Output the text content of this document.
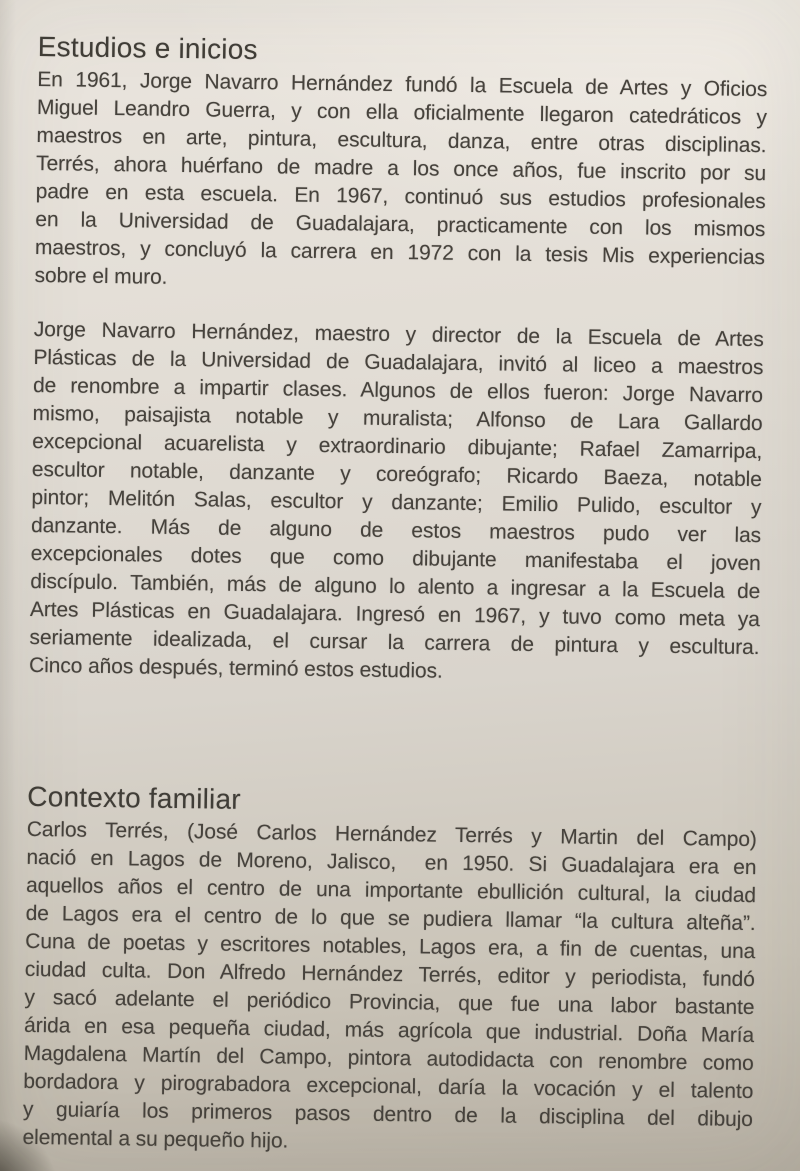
Estudios e inicios
En 1961, Jorge Navarro Hernández fundó la Escuela de Artes y Oficios
Miguel Leandro Guerra, y con ella oficialmente llegaron catedráticos y
maestros en arte, pintura, escultura, danza, entre otras disciplinas.
Terrés, ahora huérfano de madre a los once años, fue inscrito por su
padre en esta escuela. En 1967, continuó sus estudios profesionales
en la Universidad de Guadalajara, practicamente con los mismos
maestros, y concluyó la carrera en 1972 con la tesis Mis experiencias
sobre el muro.
Jorge Navarro Hernández, maestro y director de la Escuela de Artes
Plásticas de la Universidad de Guadalajara, invitó al liceo a maestros
de renombre a impartir clases. Algunos de ellos fueron: Jorge Navarro
mismo, paisajista notable y muralista; Alfonso de Lara Gallardo
excepcional acuarelista y extraordinario dibujante; Rafael Zamarripa,
escultor notable, danzante y coreógrafo; Ricardo Baeza, notable
pintor; Melitón Salas, escultor y danzante; Emilio Pulido, escultor y
danzante. Más de alguno de estos maestros pudo ver las
excepcionales dotes que como dibujante manifestaba el joven
discípulo. También, más de alguno lo alento a ingresar a la Escuela de
Artes Plásticas en Guadalajara. Ingresó en 1967, y tuvo como meta ya
seriamente idealizada, el cursar la carrera de pintura y escultura.
Cinco años después, terminó estos estudios.
Contexto familiar
Carlos Terrés, (José Carlos Hernández Terrés y Martin del Campo)
nació en Lagos de Moreno, Jalisco,  en 1950. Si Guadalajara era en
aquellos años el centro de una importante ebullición cultural, la ciudad
de Lagos era el centro de lo que se pudiera llamar “la cultura alteña”.
Cuna de poetas y escritores notables, Lagos era, a fin de cuentas, una
ciudad culta. Don Alfredo Hernández Terrés, editor y periodista, fundó
y sacó adelante el periódico Provincia, que fue una labor bastante
árida en esa pequeña ciudad, más agrícola que industrial. Doña María
Magdalena Martín del Campo, pintora autodidacta con renombre como
bordadora y pirograbadora excepcional, daría la vocación y el talento
y guiaría los primeros pasos dentro de la disciplina del dibujo
elemental a su pequeño hijo.
